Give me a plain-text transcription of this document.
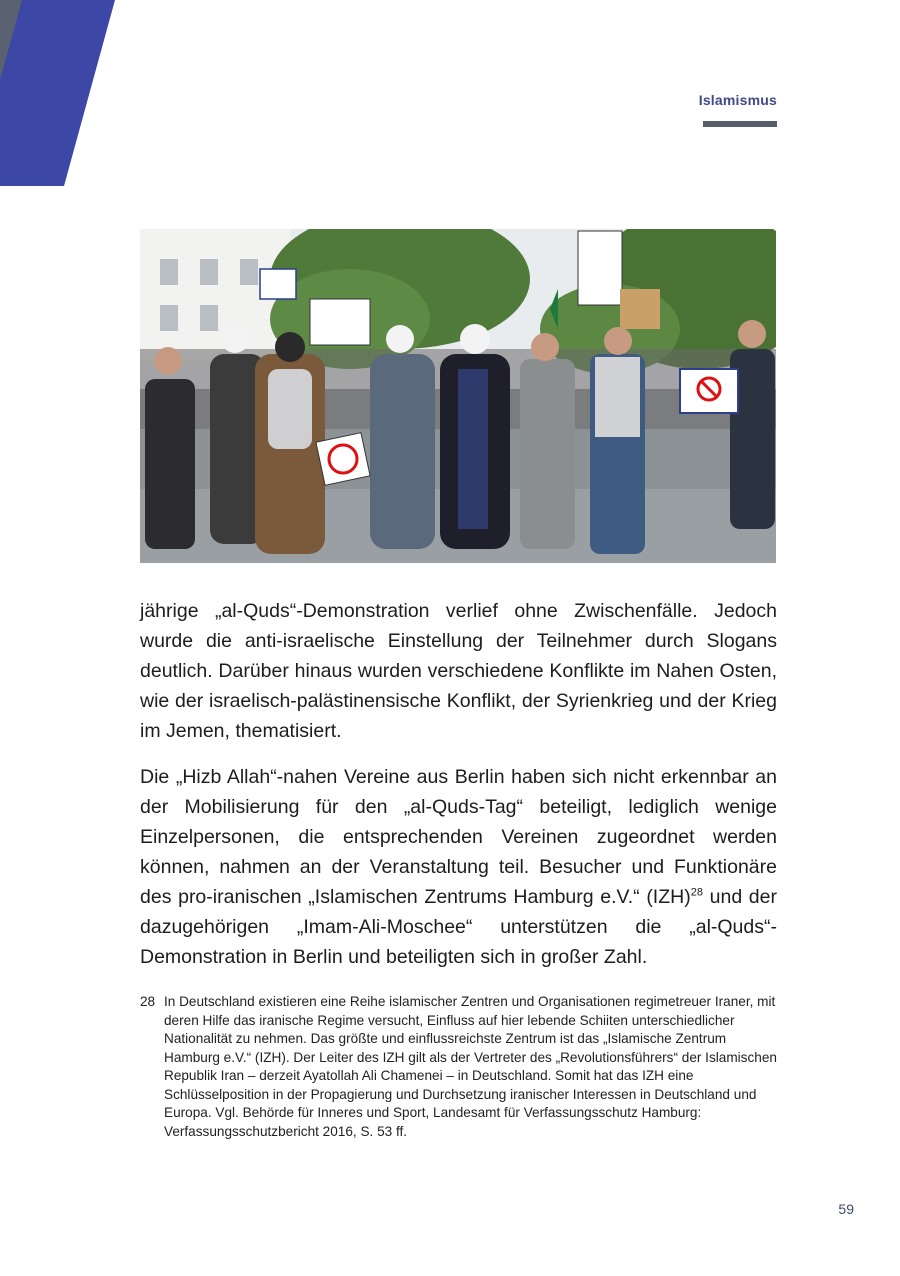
Islamismus

jährige „al-Quds“-Demonstration verlief ohne Zwischenfälle. Jedoch wurde die anti-israelische Einstellung der Teilnehmer durch Slogans deutlich. Darüber hinaus wurden verschiedene Konflikte im Nahen Osten, wie der israelisch-palästinensische Konflikt, der Syrienkrieg und der Krieg im Jemen, thematisiert.

Die „Hizb Allah“-nahen Vereine aus Berlin haben sich nicht erkennbar an der Mobilisierung für den „al-Quds-Tag“ beteiligt, lediglich wenige Einzelpersonen, die entsprechenden Vereinen zugeordnet werden können, nahmen an der Veranstaltung teil. Besucher und Funktionäre des pro-iranischen „Islamischen Zentrums Hamburg e.V.“ (IZH)$^{28}$ und der dazugehörigen „Imam-Ali-Moschee“ unterstützen die „al-Quds“-Demonstration in Berlin und beteiligten sich in großer Zahl.

28 In Deutschland existieren eine Reihe islamischer Zentren und Organisationen regimetreuer Iraner, mit deren Hilfe das iranische Regime versucht, Einfluss auf hier lebende Schiiten unterschiedlicher Nationalität zu nehmen. Das größte und einflussreichste Zentrum ist das „Islamische Zentrum Hamburg e.V.“ (IZH). Der Leiter des IZH gilt als der Vertreter des „Revolutionsführers“ der Islamischen Republik Iran – derzeit Ayatollah Ali Chamenei – in Deutschland. Somit hat das IZH eine Schlüsselposition in der Propagierung und Durchsetzung iranischer Interessen in Deutschland und Europa. Vgl. Behörde für Inneres und Sport, Landesamt für Verfassungsschutz Hamburg: Verfassungsschutzbericht 2016, S. 53 ff.
59
